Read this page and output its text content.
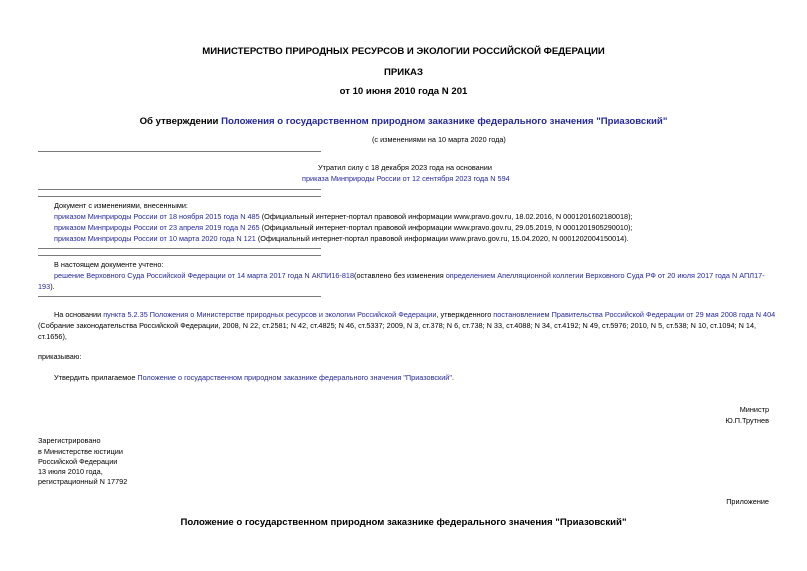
МИНИСТЕРСТВО ПРИРОДНЫХ РЕСУРСОВ И ЭКОЛОГИИ РОССИЙСКОЙ ФЕДЕРАЦИИ
ПРИКАЗ
от 10 июня 2010 года N 201
Об утверждении Положения о государственном природном заказнике федерального значения "Приазовский"
(с изменениями на 10 марта 2020 года)
Утратил силу с 18 декабря 2023 года на основании
приказа Минприроды России от 12 сентября 2023 года N 594
Документ с изменениями, внесенными:
приказом Минприроды России от 18 ноября 2015 года N 485 (Официальный интернет-портал правовой информации www.pravo.gov.ru, 18.02.2016, N 0001201602180018);
приказом Минприроды России от 23 апреля 2019 года N 265 (Официальный интернет-портал правовой информации www.pravo.gov.ru, 29.05.2019, N 0001201905290010);
приказом Минприроды России от 10 марта 2020 года N 121 (Официальный интернет-портал правовой информации www.pravo.gov.ru, 15.04.2020, N 0001202004150014).
В настоящем документе учтено:
решение Верховного Суда Российской Федерации от 14 марта 2017 года N АКПИ16-818(оставлено без изменения определением Апелляционной коллегии Верховного Суда РФ от 20 июля 2017 года N АПЛ17-
193).
На основании пункта 5.2.35 Положения о Министерстве природных ресурсов и экологии Российской Федерации, утвержденного постановлением Правительства Российской Федерации от 29 мая 2008 года N 404
(Собрание законодательства Российской Федерации, 2008, N 22, ст.2581; N 42, ст.4825; N 46, ст.5337; 2009, N 3, ст.378; N 6, ст.738; N 33, ст.4088; N 34, ст.4192; N 49, ст.5976; 2010, N 5, ст.538; N 10, ст.1094; N 14,
ст.1656),
приказываю:
Утвердить прилагаемое Положение о государственном природном заказнике федерального значения "Приазовский".
Министр
Ю.П.Трутнев
Зарегистрировано
в Министерстве юстиции
Российской Федерации
13 июля 2010 года,
регистрационный N 17792
Приложение
Положение о государственном природном заказнике федерального значения "Приазовский"
